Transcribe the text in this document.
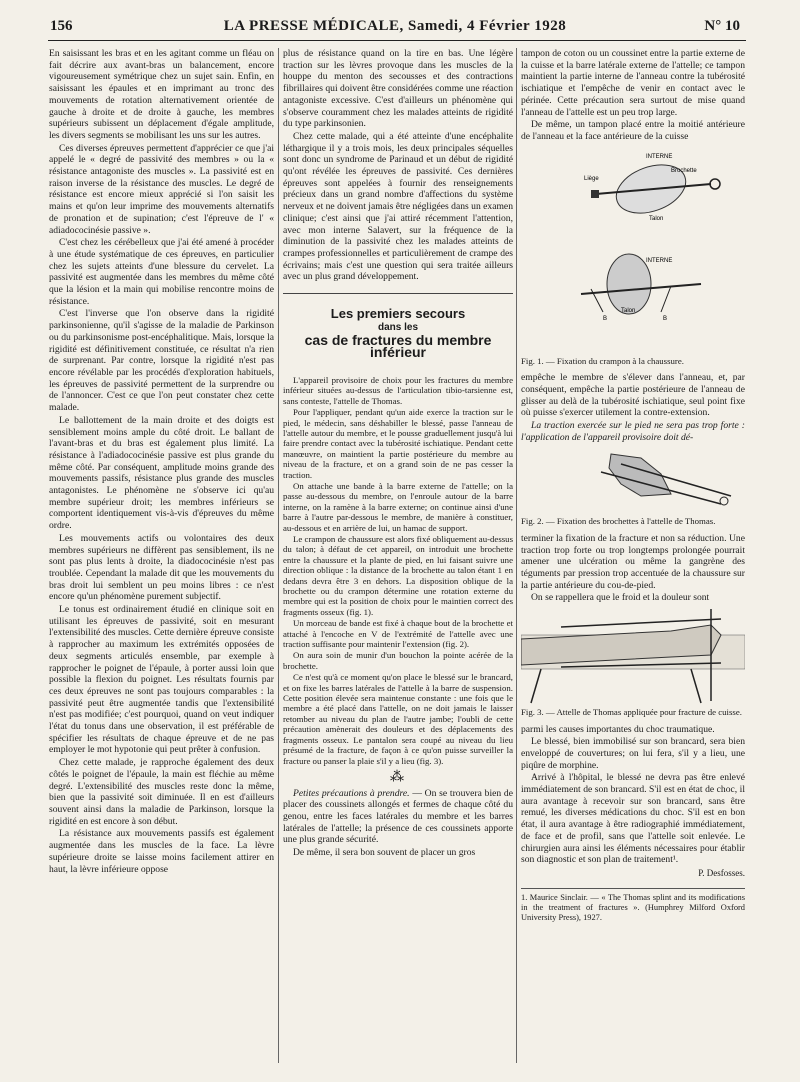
156	LA PRESSE MÉDICALE, Samedi, 4 Février 1928	N° 10

En saisissant les bras et en les agitant comme un fléau on fait décrire aux avant-bras un balancement, encore vigoureusement symétrique chez un sujet sain. Enfin, en saisissant les épaules et en imprimant au tronc des mouvements de rotation alternativement orientée de gauche à droite et de droite à gauche, les membres supérieurs subissent un déplacement d'égale amplitude, les divers segments se mobilisant les uns sur les autres.

Ces diverses épreuves permettent d'apprécier ce que j'ai appelé le « degré de passivité des membres » ou la « résistance antagoniste des muscles ». La passivité est en raison inverse de la résistance des muscles. Le degré de résistance est encore mieux apprécié si l'on saisit les mains et qu'on leur imprime des mouvements alternatifs de pronation et de supination; c'est l'épreuve de l' « adiadococinésie passive ».

C'est chez les cérébelleux que j'ai été amené à procéder à une étude systématique de ces épreuves, en particulier chez les sujets atteints d'une blessure du cervelet. La passivité est augmentée dans les membres du même côté que la lésion et la main qui mobilise rencontre moins de résistance.

C'est l'inverse que l'on observe dans la rigidité parkinsonienne, qu'il s'agisse de la maladie de Parkinson ou du parkinsonisme post-encéphalitique. Mais, lorsque la rigidité est définitivement constituée, ce résultat n'a rien de surprenant. Par contre, lorsque la rigidité n'est pas encore révélable par les procédés d'exploration habituels, les épreuves de passivité permettent de la surprendre ou de l'annoncer. C'est ce que l'on peut constater chez cette malade.

Le ballottement de la main droite et des doigts est sensiblement moins ample du côté droit. Le ballant de l'avant-bras et du bras est également plus limité. La résistance à l'adiadococinésie passive est plus grande du même côté. Par conséquent, amplitude moins grande des mouvements passifs, résistance plus grande des muscles antagonistes. Le phénomène ne s'observe ici qu'au membre supérieur droit; les membres inférieurs se comportent identiquement vis-à-vis d'épreuves du même ordre.

Les mouvements actifs ou volontaires des deux membres supérieurs ne diffèrent pas sensiblement, ils ne sont pas plus lents à droite, la diadococinésie n'est pas troublée. Cependant la malade dit que les mouvements du bras droit lui semblent un peu moins libres : ce n'est encore qu'un phénomène purement subjectif.

Le tonus est ordinairement étudié en clinique soit en utilisant les épreuves de passivité, soit en mesurant l'extensibilité des muscles. Cette dernière épreuve consiste à rapprocher au maximum les extrémités opposées de deux segments articulés ensemble, par exemple à rapprocher le poignet de l'épaule, à porter aussi loin que possible la flexion du poignet. Les résultats fournis par ces deux épreuves ne sont pas toujours comparables : la passivité peut être augmentée tandis que l'extensibilité n'est pas modifiée; c'est pourquoi, quand on veut indiquer l'état du tonus dans une observation, il est préférable de spécifier les résultats de chaque épreuve et de ne pas employer le mot hypotonie qui peut prêter à confusion.

Chez cette malade, je rapproche également des deux côtés le poignet de l'épaule, la main est fléchie au même degré. L'extensibilité des muscles reste donc la même, bien que la passivité soit diminuée. Il en est d'ailleurs souvent ainsi dans la maladie de Parkinson, lorsque la rigidité en est encore à son début.

La résistance aux mouvements passifs est également augmentée dans les muscles de la face. La lèvre supérieure droite se laisse moins facilement attirer en haut, la lèvre inférieure oppose

plus de résistance quand on la tire en bas. Une légère traction sur les lèvres provoque dans les muscles de la houppe du menton des secousses et des contractions fibrillaires qui doivent être considérées comme une réaction antagoniste excessive. C'est d'ailleurs un phénomène qui s'observe couramment chez les malades atteints de rigidité du type parkinsonien.

Chez cette malade, qui a été atteinte d'une encéphalite léthargique il y a trois mois, les deux principales séquelles sont donc un syndrome de Parinaud et un début de rigidité qu'ont révélée les épreuves de passivité. Ces dernières épreuves sont appelées à fournir des renseignements précieux dans un grand nombre d'affections du système nerveux et ne doivent jamais être négligées dans un examen clinique; c'est ainsi que j'ai attiré récemment l'attention, avec mon interne Salavert, sur la fréquence de la diminution de la passivité chez les malades atteints de crampes professionnelles et particulièrement de crampe des écrivains; mais c'est une question qui sera traitée ailleurs avec un plus grand développement.

Les premiers secours
dans les
cas de fractures du membre inférieur

L'appareil provisoire de choix pour les fractures du membre inférieur situées au-dessus de l'articulation tibio-tarsienne est, sans conteste, l'attelle de Thomas.

Pour l'appliquer, pendant qu'un aide exerce la traction sur le pied, le médecin, sans déshabiller le blessé, passe l'anneau de l'attelle autour du membre, et le pousse graduellement jusqu'à lui faire prendre contact avec la tubérosité ischiatique. Pendant cette manœuvre, on maintient la partie postérieure du membre au niveau de la fracture, et on a grand soin de ne pas cesser la traction.

On attache une bande à la barre externe de l'attelle; on la passe au-dessous du membre, on l'enroule autour de la barre interne, on la ramène à la barre externe; on continue ainsi d'une barre à l'autre par-dessous le membre, de manière à constituer, au-dessous et en arrière de lui, un hamac de support.

Le crampon de chaussure est alors fixé obliquement au-dessus du talon; à défaut de cet appareil, on introduit une brochette entre la chaussure et la plante de pied, en lui faisant suivre une direction oblique : la distance de la brochette au talon étant 1 en dedans devra être 3 en dehors. La disposition oblique de la brochette ou du crampon détermine une rotation externe du membre qui est la position de choix pour le maintien correct des fragments osseux (fig. 1).

Un morceau de bande est fixé à chaque bout de la brochette et attaché à l'encoche en V de l'extrémité de l'attelle avec une traction suffisante pour maintenir l'extension (fig. 2).

On aura soin de munir d'un bouchon la pointe acérée de la brochette.

Ce n'est qu'à ce moment qu'on place le blessé sur le brancard, et on fixe les barres latérales de l'attelle à la barre de suspension. Cette position élevée sera maintenue constante : une fois que le membre a été placé dans l'attelle, on ne doit jamais le laisser retomber au niveau du plan de l'autre jambe; l'oubli de cette précaution amènerait des douleurs et des déplacements des fragments osseux. Le pantalon sera coupé au niveau du lieu présumé de la fracture, de façon à ce qu'on puisse surveiller la fracture ou panser la plaie s'il y a lieu (fig. 3).

⁂

Petites précautions à prendre. — On se trouvera bien de placer des coussinets allongés et fermes de chaque côté du genou, entre les faces latérales du membre et les barres latérales de l'attelle; la présence de ces coussinets apporte une plus grande sécurité.

De même, il sera bon souvent de placer un gros

tampon de coton ou un coussinet entre la partie externe de la cuisse et la barre latérale externe de l'attelle; ce tampon maintient la partie interne de l'anneau contre la tubérosité ischiatique et l'empêche de venir en contact avec le périnée. Cette précaution sera surtout de mise quand l'anneau de l'attelle est un peu trop large.

De même, un tampon placé entre la moitié antérieure de l'anneau et la face antérieure de la cuisse

INTERNE
Liège
Brochette
Talon
INTERNE
B	B
Talon
Fig. 1. — Fixation du crampon à la chaussure.

empêche le membre de s'élever dans l'anneau, et, par conséquent, empêche la partie postérieure de l'anneau de glisser au delà de la tubérosité ischiatique, seul point fixe où puisse s'exercer utilement la contre-extension.

La traction exercée sur le pied ne sera pas trop forte : l'application de l'appareil provisoire doit dé-

Fig. 2. — Fixation des brochettes à l'attelle de Thomas.

terminer la fixation de la fracture et non sa réduction. Une traction trop forte ou trop longtemps prolongée pourrait amener une ulcération ou même la gangrène des téguments par pression trop accentuée de la chaussure sur la partie antérieure du cou-de-pied.

On se rappellera que le froid et la douleur sont

Fig. 3. — Attelle de Thomas appliquée pour fracture de cuisse.

parmi les causes importantes du choc traumatique.

Le blessé, bien immobilisé sur son brancard, sera bien enveloppé de couvertures; on lui fera, s'il y a lieu, une piqûre de morphine.

Arrivé à l'hôpital, le blessé ne devra pas être enlevé immédiatement de son brancard. S'il est en état de choc, il aura avantage à recevoir sur son brancard, sans être remué, les diverses médications du choc. S'il est en bon état, il aura avantage à être radiographié immédiatement, de face et de profil, sans que l'attelle soit enlevée. Le chirurgien aura ainsi les éléments nécessaires pour établir son diagnostic et son plan de traitement¹.

P. Desfosses.
1. Maurice Sinclair. — « The Thomas splint and its modifications in the treatment of fractures ». (Humphrey Milford Oxford University Press), 1927.
